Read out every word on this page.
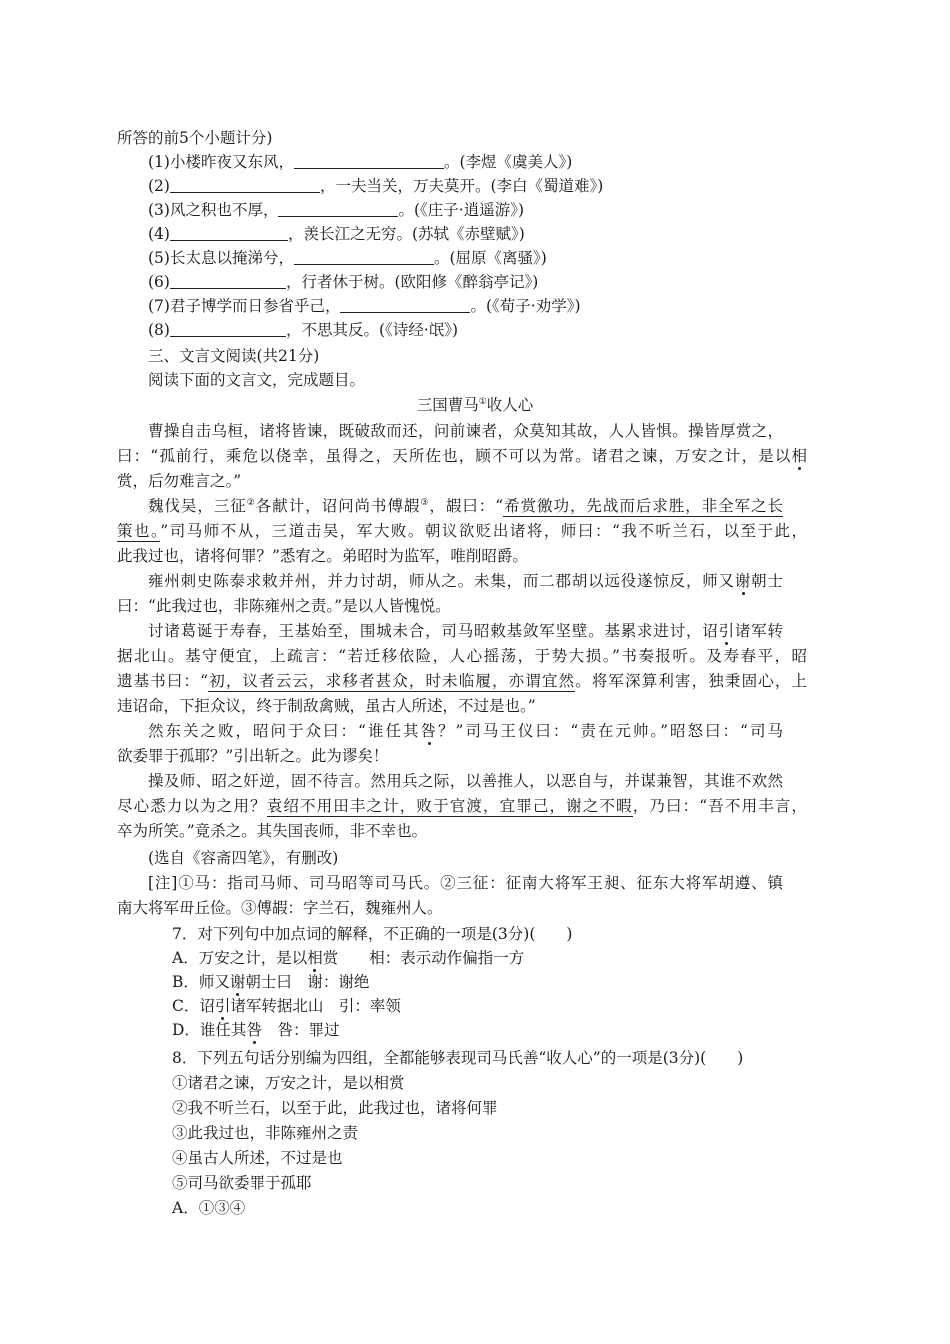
所答的前5个小题计分)
(1)小楼昨夜又东风，	。(李煜《虞美人》)
(2)	，一夫当关，万夫莫开。(李白《蜀道难》)
(3)风之积也不厚，	。(《庄子·逍遥游》)
(4)	，羡长江之无穷。(苏轼《赤壁赋》)
(5)长太息以掩涕兮，	。(屈原《离骚》)
(6)	，行者休于树。(欧阳修《醉翁亭记》)
(7)君子博学而日参省乎己，	。(《荀子·劝学》)
(8)	，不思其反。(《诗经·氓》)
三、文言文阅读(共21分)
阅读下面的文言文，完成题目。
三国曹马①收人心
曹操自击乌桓，诸将皆谏，既破敌而还，问前谏者，众莫知其故，人人皆惧。操皆厚赏之，
曰：“孤前行，乘危以侥幸，虽得之，天所佐也，顾不可以为常。诸君之谏，万安之计，是以相
赏，后勿难言之。”
魏伐吴，三征②各献计，诏问尚书傅嘏③，嘏曰：“希赏徼功，先战而后求胜，非全军之长
策也。”司马师不从，三道击吴，军大败。朝议欲贬出诸将，师曰：“我不听兰石，以至于此，
此我过也，诸将何罪？”悉宥之。弟昭时为监军，唯削昭爵。
雍州刺史陈泰求敕并州，并力讨胡，师从之。未集，而二郡胡以远役遂惊反，师又谢朝士
曰：“此我过也，非陈雍州之责。”是以人皆愧悦。
讨诸葛诞于寿春，王基始至，围城未合，司马昭敕基敛军坚壁。基累求进讨，诏引诸军转
据北山。基守便宜，上疏言：“若迁移依险，人心摇荡，于势大损。”书奏报听。及寿春平，昭
遗基书曰：“初，议者云云，求移者甚众，时未临履，亦谓宜然。将军深算利害，独秉固心，上
违诏命，下拒众议，终于制敌禽贼，虽古人所述，不过是也。”
然东关之败，昭问于众曰：“谁任其咎？”司马王仪曰：“责在元帅。”昭怒曰：“司马
欲委罪于孤耶？”引出斩之。此为谬矣！
操及师、昭之奸逆，固不待言。然用兵之际，以善推人，以恶自与，并谋兼智，其谁不欢然
尽心悉力以为之用？袁绍不用田丰之计，败于官渡，宜罪己，谢之不暇，乃曰：“吾不用丰言，
卒为所笑。”竟杀之。其失国丧师，非不幸也。
(选自《容斋四笔》，有删改)
[注]①马：指司马师、司马昭等司马氏。②三征：征南大将军王昶、征东大将军胡遵、镇
南大将军毌丘俭。③傅嘏：字兰石，魏雍州人。
7．对下列句中加点词的解释，不正确的一项是(3分)(　　)
A．万安之计，是以相赏　　相：表示动作偏指一方
B．师又谢朝士曰　谢：谢绝
C．诏引诸军转据北山　引：率领
D．谁任其咎　咎：罪过
8．下列五句话分别编为四组，全都能够表现司马氏善“收人心”的一项是(3分)(　　)
①诸君之谏，万安之计，是以相赏
②我不听兰石，以至于此，此我过也，诸将何罪
③此我过也，非陈雍州之责
④虽古人所述，不过是也
⑤司马欲委罪于孤耶
A．①③④
